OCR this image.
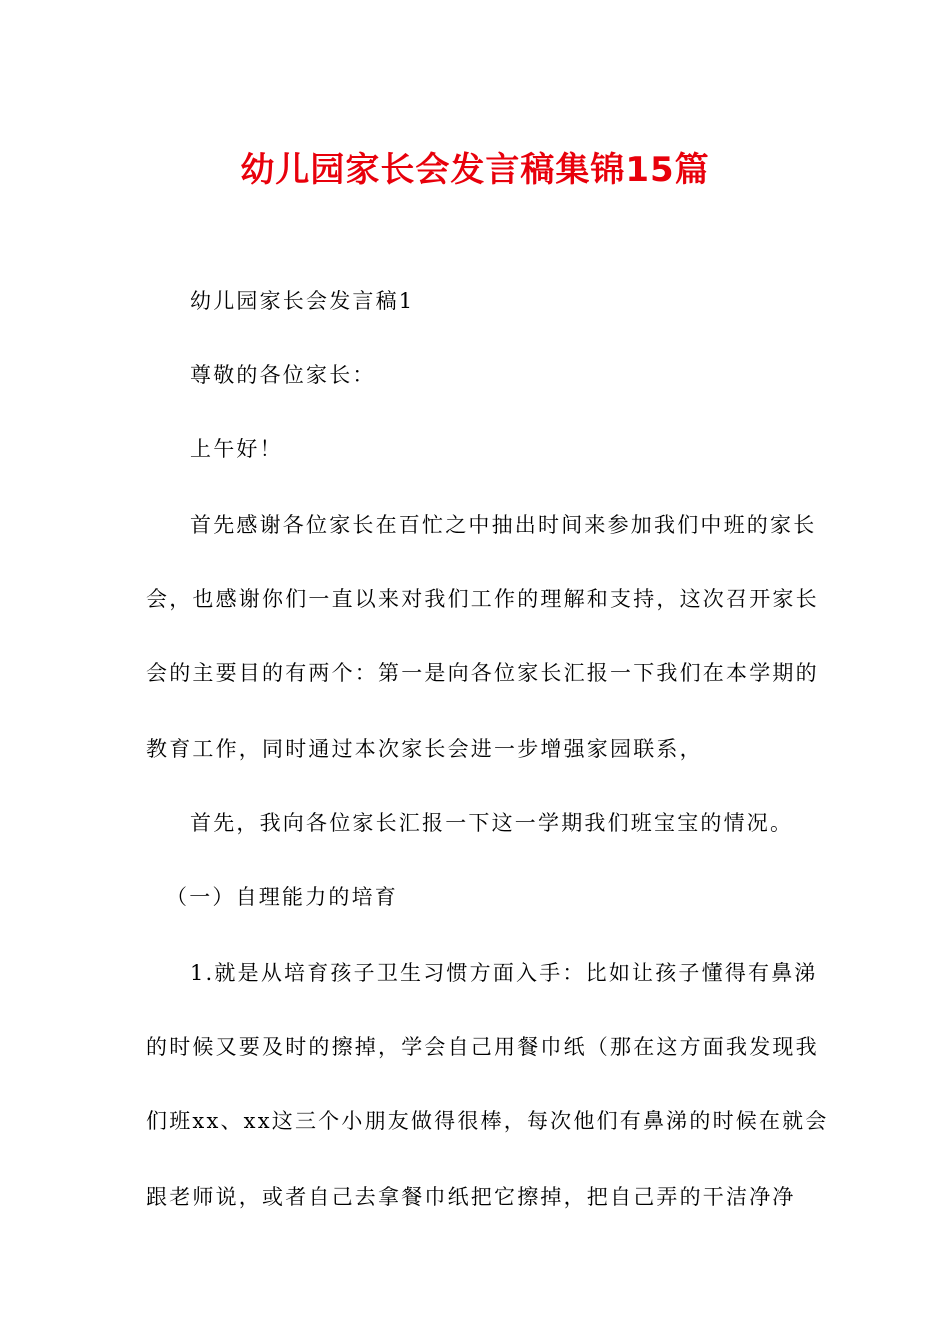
幼儿园家长会发言稿集锦15篇
幼儿园家长会发言稿1
尊敬的各位家长：
上午好！
首先感谢各位家长在百忙之中抽出时间来参加我们中班的家长
会，也感谢你们一直以来对我们工作的理解和支持，这次召开家长
会的主要目的有两个：第一是向各位家长汇报一下我们在本学期的
教育工作，同时通过本次家长会进一步增强家园联系，
首先，我向各位家长汇报一下这一学期我们班宝宝的情况。
（一）自理能力的培育
1.就是从培育孩子卫生习惯方面入手：比如让孩子懂得有鼻涕
的时候又要及时的擦掉，学会自己用餐巾纸（那在这方面我发现我
们班xx、xx这三个小朋友做得很棒，每次他们有鼻涕的时候在就会
跟老师说，或者自己去拿餐巾纸把它擦掉，把自己弄的干洁净净
